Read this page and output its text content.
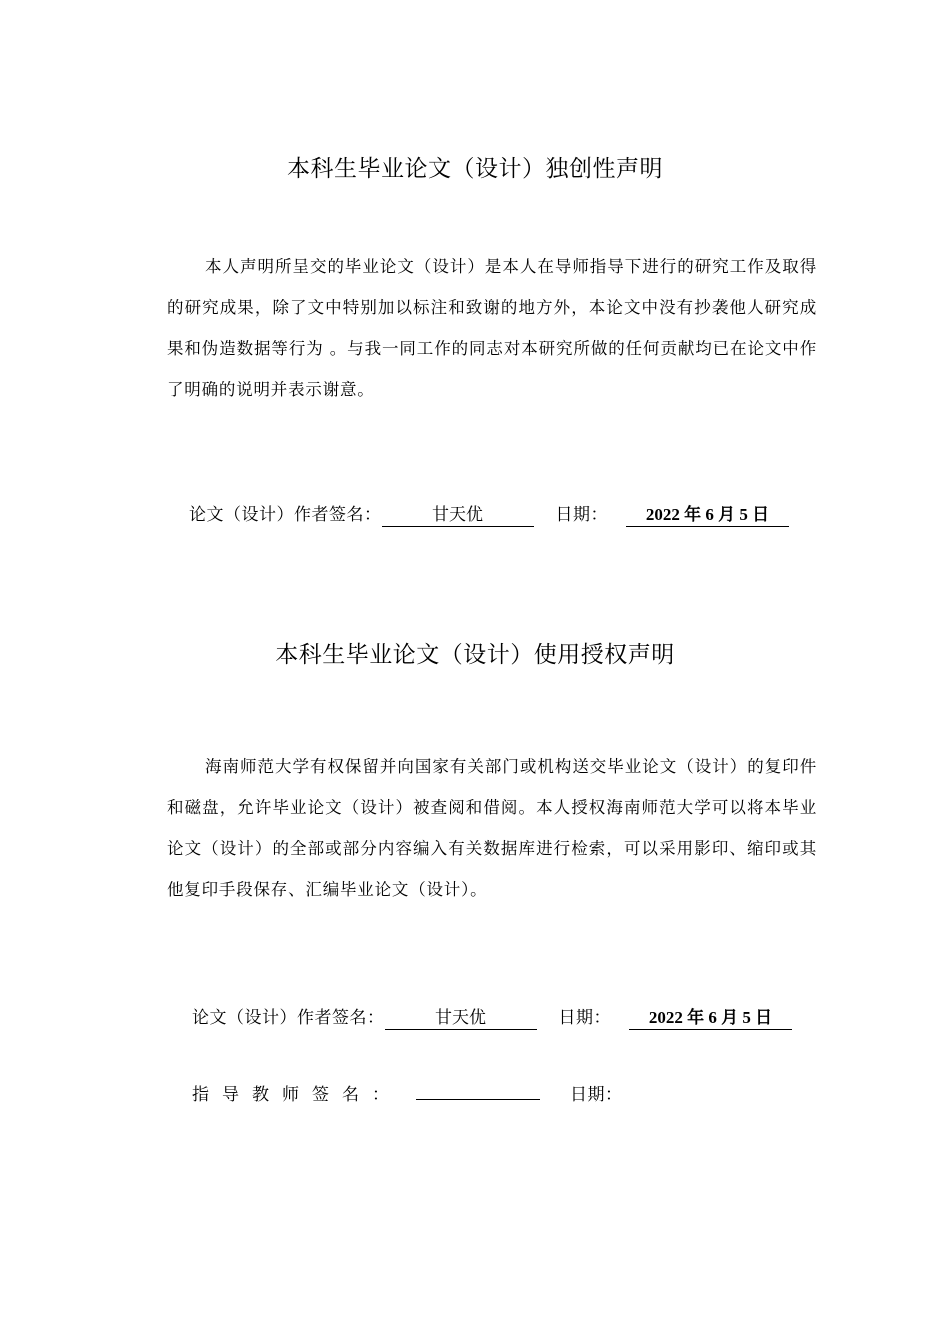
本科生毕业论文（设计）独创性声明
本人声明所呈交的毕业论文（设计）是本人在导师指导下进行的研究工作及取得的研究成果，除了文中特别加以标注和致谢的地方外，本论文中没有抄袭他人研究成果和伪造数据等行为 。与我一同工作的同志对本研究所做的任何贡献均已在论文中作了明确的说明并表示谢意。
论文（设计）作者签名：	甘天优	日期：	2022 年 6 月 5 日
本科生毕业论文（设计）使用授权声明
海南师范大学有权保留并向国家有关部门或机构送交毕业论文（设计）的复印件和磁盘，允许毕业论文（设计）被查阅和借阅。本人授权海南师范大学可以将本毕业论文（设计）的全部或部分内容编入有关数据库进行检索，可以采用影印、缩印或其他复印手段保存、汇编毕业论文（设计）。
论文（设计）作者签名：	甘天优	日期：	2022 年 6 月 5 日
指导教师签名：	日期：
